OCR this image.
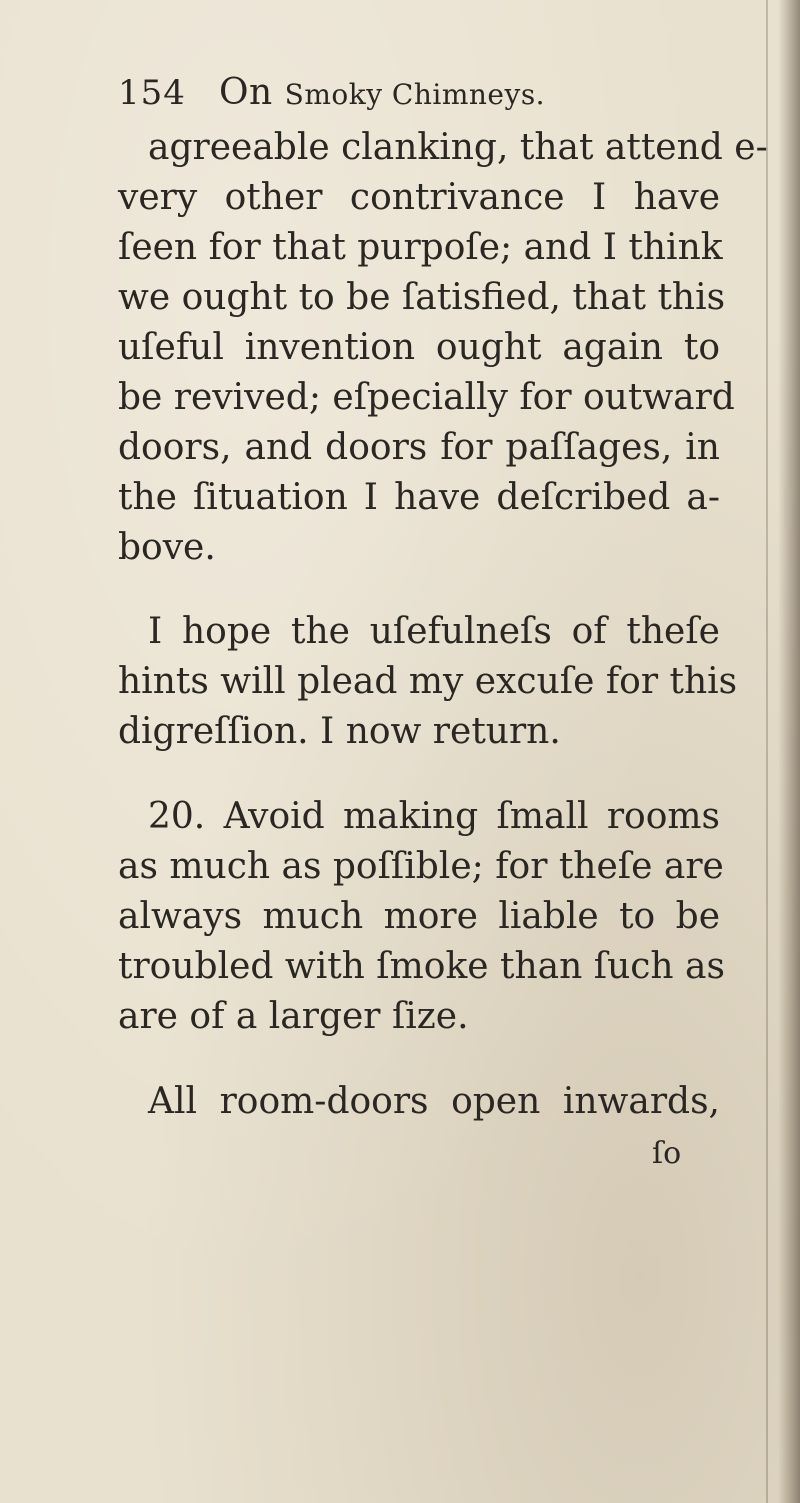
154 On Smoky Chimneys.
agreeable clanking, that attend e-
very other contrivance I have
ſeen for that purpoſe; and I think
we ought to be ſatisfied, that this
uſeful invention ought again to
be revived; eſpecially for outward
doors, and doors for paſſages, in
the ſituation I have deſcribed a-
bove.
I hope the uſefulneſs of theſe
hints will plead my excuſe for this
digreſſion. I now return.
20. Avoid making ſmall rooms
as much as poſſible; for theſe are
always much more liable to be
troubled with ſmoke than ſuch as
are of a larger ſize.
All room-doors open inwards,
ſo
